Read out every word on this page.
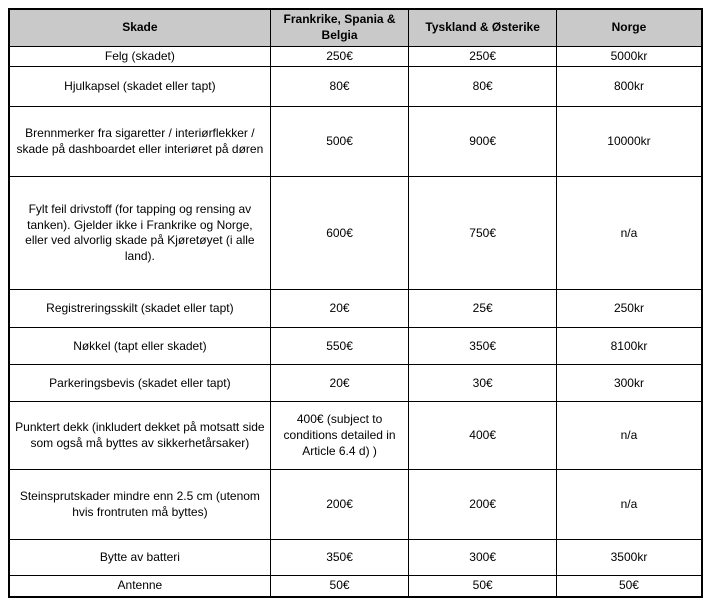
Skade	Frankrike, Spania & Belgia	Tyskland & Østerike	Norge
Felg (skadet)	250€	250€	5000kr
Hjulkapsel (skadet eller tapt)	80€	80€	800kr
Brennmerker fra sigaretter / interiørflekker / skade på dashboardet eller interiøret på døren	500€	900€	10000kr
Fylt feil drivstoff (for tapping og rensing av tanken). Gjelder ikke i Frankrike og Norge, eller ved alvorlig skade på Kjøretøyet (i alle land).	600€	750€	n/a
Registreringsskilt (skadet eller tapt)	20€	25€	250kr
Nøkkel (tapt eller skadet)	550€	350€	8100kr
Parkeringsbevis (skadet eller tapt)	20€	30€	300kr
Punktert dekk (inkludert dekket på motsatt side som også må byttes av sikkerhetårsaker)	400€ (subject to conditions detailed in Article 6.4 d) )	400€	n/a
Steinsprutskader mindre enn 2.5 cm (utenom hvis frontruten må byttes)	200€	200€	n/a
Bytte av batteri	350€	300€	3500kr
Antenne	50€	50€	50€
